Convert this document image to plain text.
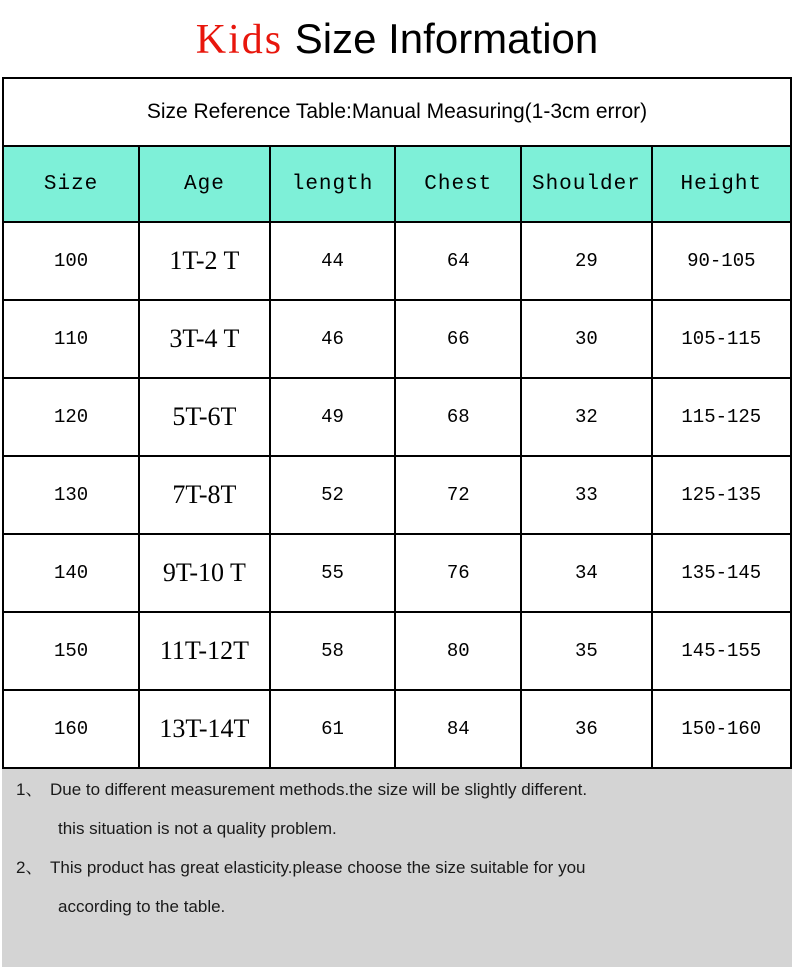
Kids Size Information
Size Reference Table:Manual Measuring(1-3cm error)					
Size	Age	length	Chest	Shoulder	Height
100	1T-2 T	44	64	29	90-105
110	3T-4 T	46	66	30	105-115
120	5T-6T	49	68	32	115-125
130	7T-8T	52	72	33	125-135
140	9T-10 T	55	76	34	135-145
150	11T-12T	58	80	35	145-155
160	13T-14T	61	84	36	150-160
1、 Due to different measurement methods.the size will be slightly different.
this situation is not a quality problem.
2、 This product has great elasticity.please choose the size suitable for you
according to the table.
